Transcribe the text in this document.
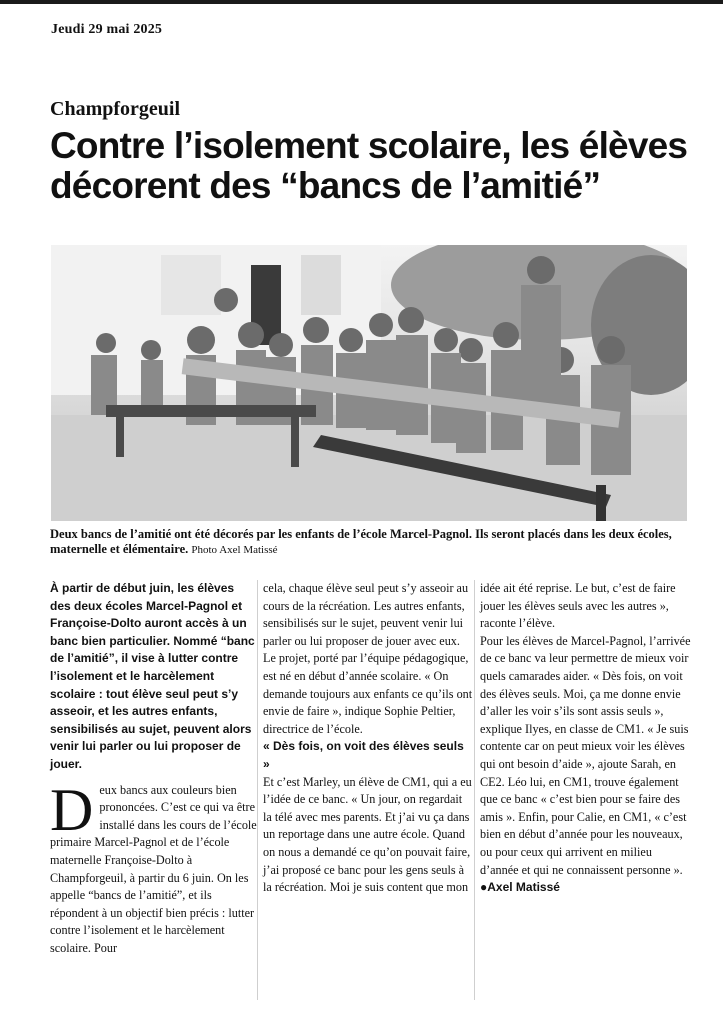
Jeudi 29 mai 2025
Champforgeuil
Contre l’isolement scolaire, les élèves décorent des “bancs de l’amitié”
Deux bancs de l’amitié ont été décorés par les enfants de l’école Marcel-Pagnol. Ils seront placés dans les deux écoles, maternelle et élémentaire. Photo Axel Matissé

À partir de début juin, les élèves des deux écoles Marcel-Pagnol et Françoise-Dolto auront accès à un banc bien particulier. Nommé “banc de l’amitié”, il vise à lutter contre l’isolement et le harcèlement scolaire : tout élève seul peut s’y asseoir, et les autres enfants, sensibilisés au sujet, peuvent alors venir lui parler ou lui proposer de jouer.

Deux bancs aux couleurs bien prononcées. C’est ce qui va être installé dans les cours de l’école primaire Marcel-Pagnol et de l’école maternelle Françoise-Dolto à Champforgeuil, à partir du 6 juin. On les appelle “bancs de l’amitié”, et ils répondent à un objectif bien précis : lutter contre l’isolement et le harcèlement scolaire. Pour

cela, chaque élève seul peut s’y asseoir au cours de la récréation. Les autres enfants, sensibilisés sur le sujet, peuvent venir lui parler ou lui proposer de jouer avec eux. Le projet, porté par l’équipe pédagogique, est né en début d’année scolaire. « On demande toujours aux enfants ce qu’ils ont envie de faire », indique Sophie Peltier, directrice de l’école.

« Dès fois, on voit des élèves seuls »

Et c’est Marley, un élève de CM1, qui a eu l’idée de ce banc. « Un jour, on regardait la télé avec mes parents. Et j’ai vu ça dans un reportage dans une autre école. Quand on nous a demandé ce qu’on pouvait faire, j’ai proposé ce banc pour les gens seuls à la récréation. Moi je suis content que mon

idée ait été reprise. Le but, c’est de faire jouer les élèves seuls avec les autres », raconte l’élève.

Pour les élèves de Marcel-Pagnol, l’arrivée de ce banc va leur permettre de mieux voir quels camarades aider. « Dès fois, on voit des élèves seuls. Moi, ça me donne envie d’aller les voir s’ils sont assis seuls », explique Ilyes, en classe de CM1. « Je suis contente car on peut mieux voir les élèves qui ont besoin d’aide », ajoute Sarah, en CE2. Léo lui, en CM1, trouve également que ce banc « c’est bien pour se faire des amis ». Enfin, pour Calie, en CM1, « c’est bien en début d’année pour les nouveaux, ou pour ceux qui arrivent en milieu d’année et qui ne connaissent personne ».

●Axel Matissé
